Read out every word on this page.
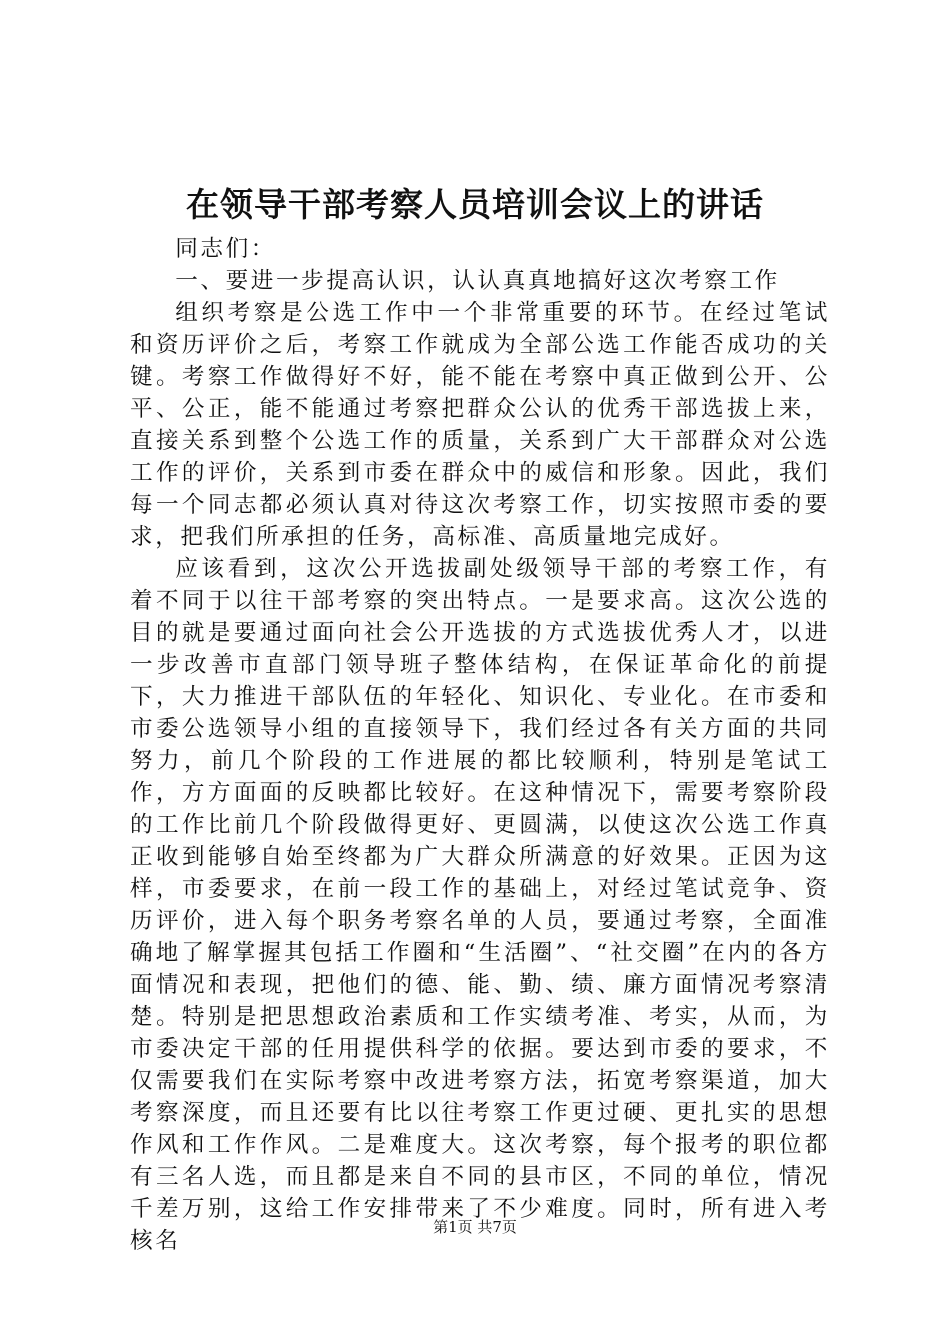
在领导干部考察人员培训会议上的讲话

同志们：

一、要进一步提高认识，认认真真地搞好这次考察工作

组织考察是公选工作中一个非常重要的环节。在经过笔试和资历评价之后，考察工作就成为全部公选工作能否成功的关键。考察工作做得好不好，能不能在考察中真正做到公开、公平、公正，能不能通过考察把群众公认的优秀干部选拔上来，直接关系到整个公选工作的质量，关系到广大干部群众对公选工作的评价，关系到市委在群众中的威信和形象。因此，我们每一个同志都必须认真对待这次考察工作，切实按照市委的要求，把我们所承担的任务，高标准、高质量地完成好。

应该看到，这次公开选拔副处级领导干部的考察工作，有着不同于以往干部考察的突出特点。一是要求高。这次公选的目的就是要通过面向社会公开选拔的方式选拔优秀人才，以进一步改善市直部门领导班子整体结构，在保证革命化的前提下，大力推进干部队伍的年轻化、知识化、专业化。在市委和市委公选领导小组的直接领导下，我们经过各有关方面的共同努力，前几个阶段的工作进展的都比较顺利，特别是笔试工作，方方面面的反映都比较好。在这种情况下，需要考察阶段的工作比前几个阶段做得更好、更圆满，以使这次公选工作真正收到能够自始至终都为广大群众所满意的好效果。正因为这样，市委要求，在前一段工作的基础上，对经过笔试竞争、资历评价，进入每个职务考察名单的人员，要通过考察，全面准确地了解掌握其包括工作圈和“生活圈”、“社交圈”在内的各方面情况和表现，把他们的德、能、勤、绩、廉方面情况考察清楚。特别是把思想政治素质和工作实绩考准、考实，从而，为市委决定干部的任用提供科学的依据。要达到市委的要求，不仅需要我们在实际考察中改进考察方法，拓宽考察渠道，加大考察深度，而且还要有比以往考察工作更过硬、更扎实的思想作风和工作作风。二是难度大。这次考察，每个报考的职位都有三名人选，而且都是来自不同的县市区，不同的单位，情况千差万别，这给工作安排带来了不少难度。同时，所有进入考核名

第1页 共7页
